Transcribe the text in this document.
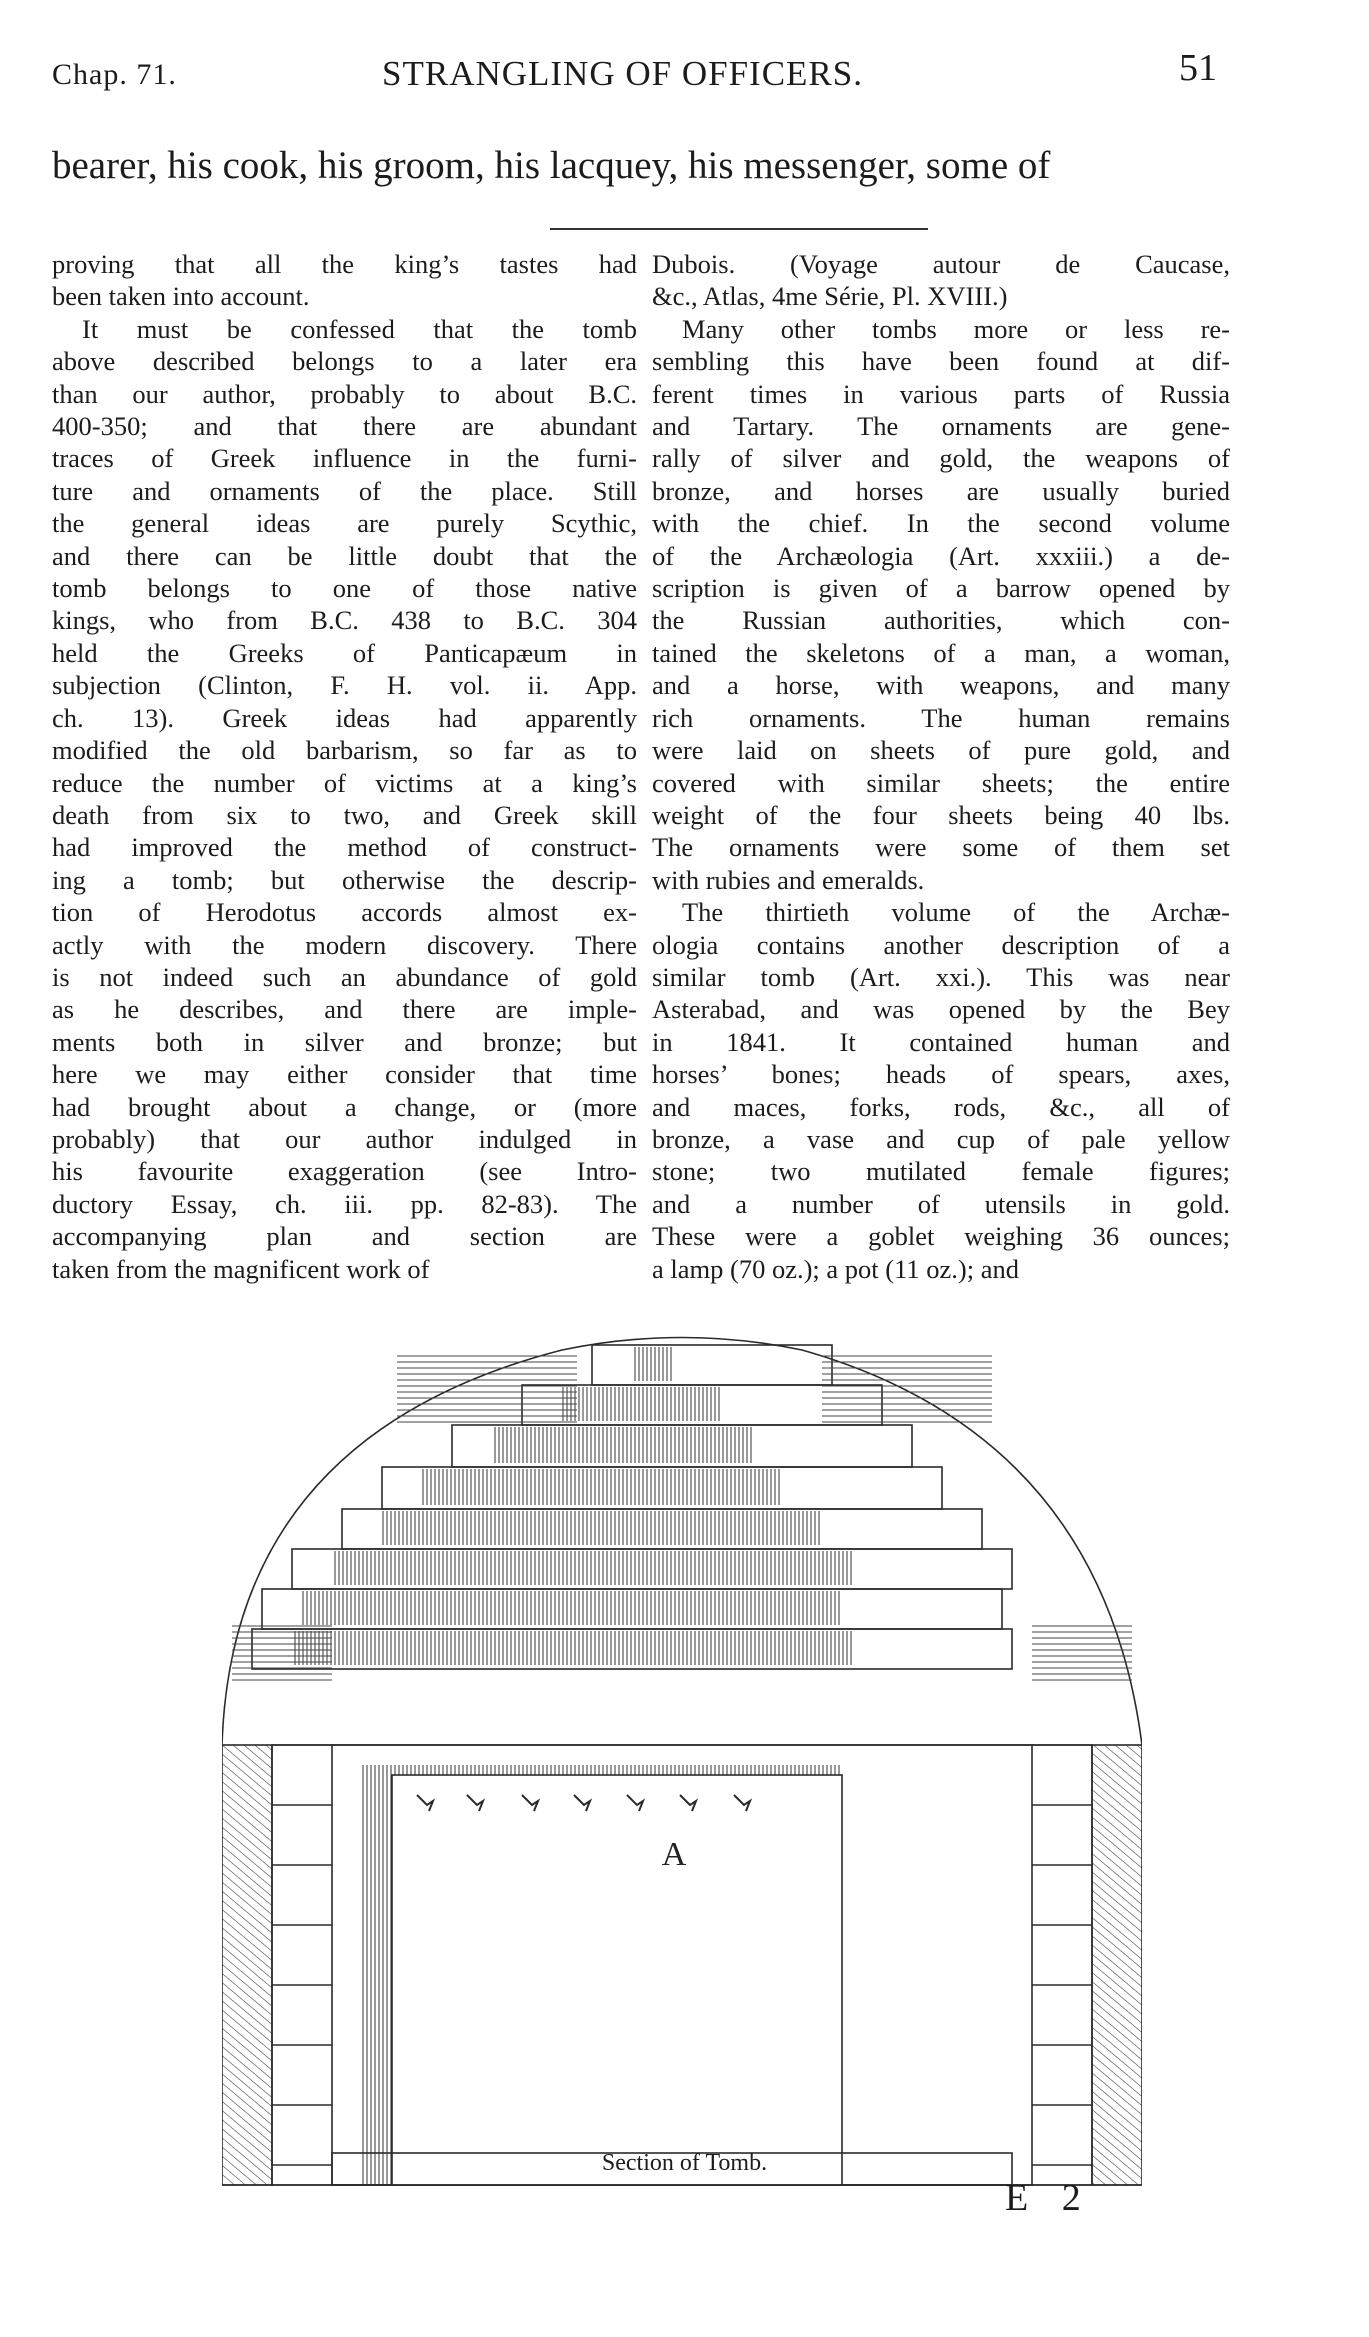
Chap. 71.	STRANGLING OF OFFICERS.	51
bearer, his cook, his groom, his lacquey, his messenger, some of

proving that all the king’s tastes had

been taken into account.

It must be confessed that the tomb

above described belongs to a later era

than our author, probably to about B.C.

400-350; and that there are abundant

traces of Greek influence in the furni-

ture and ornaments of the place. Still

the general ideas are purely Scythic,

and there can be little doubt that the

tomb belongs to one of those native

kings, who from B.C. 438 to B.C. 304

held the Greeks of Panticapæum in

subjection (Clinton, F. H. vol. ii. App.

ch. 13). Greek ideas had apparently

modified the old barbarism, so far as to

reduce the number of victims at a king’s

death from six to two, and Greek skill

had improved the method of construct-

ing a tomb; but otherwise the descrip-

tion of Herodotus accords almost ex-

actly with the modern discovery. There

is not indeed such an abundance of gold

as he describes, and there are imple-

ments both in silver and bronze; but

here we may either consider that time

had brought about a change, or (more

probably) that our author indulged in

his favourite exaggeration (see Intro-

ductory Essay, ch. iii. pp. 82-83). The

accompanying plan and section are

taken from the magnificent work of

Dubois. (Voyage autour de Caucase,

&c., Atlas, 4me Série, Pl. XVIII.)

Many other tombs more or less re-

sembling this have been found at dif-

ferent times in various parts of Russia

and Tartary. The ornaments are gene-

rally of silver and gold, the weapons of

bronze, and horses are usually buried

with the chief. In the second volume

of the Archæologia (Art. xxxiii.) a de-

scription is given of a barrow opened by

the Russian authorities, which con-

tained the skeletons of a man, a woman,

and a horse, with weapons, and many

rich ornaments. The human remains

were laid on sheets of pure gold, and

covered with similar sheets; the entire

weight of the four sheets being 40 lbs.

The ornaments were some of them set

with rubies and emeralds.

The thirtieth volume of the Archæ-

ologia contains another description of a

similar tomb (Art. xxi.). This was near

Asterabad, and was opened by the Bey

in 1841. It contained human and

horses’ bones; heads of spears, axes,

and maces, forks, rods, &c., all of

bronze, a vase and cup of pale yellow

stone; two mutilated female figures;

and a number of utensils in gold.

These were a goblet weighing 36 ounces;

a lamp (70 oz.); a pot (11 oz.); and

A
Section of Tomb.
E 2
